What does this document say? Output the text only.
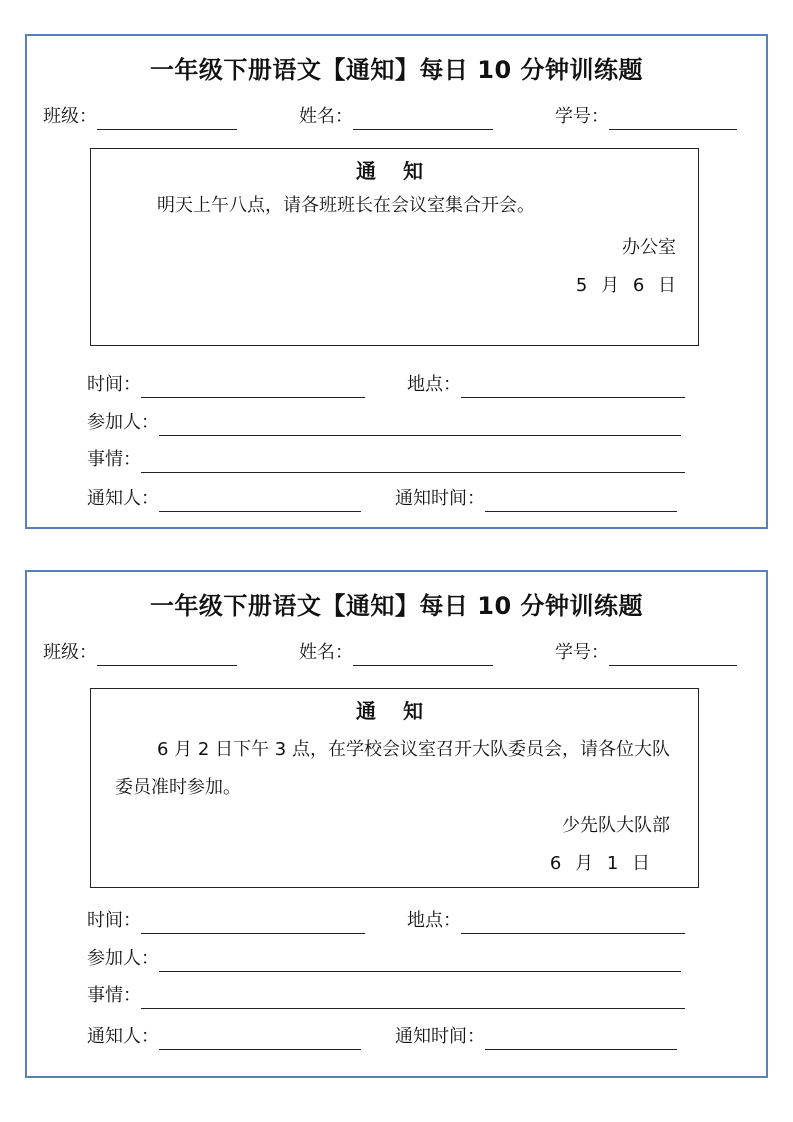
一年级下册语文【通知】每日 10 分钟训练题
班级：	姓名：	学号：
通 知
明天上午八点，请各班班长在会议室集合开会。
办公室
5 月 6 日
时间：	地点：
参加人：
事情：
通知人：	通知时间：
一年级下册语文【通知】每日 10 分钟训练题
班级：	姓名：	学号：
通 知
6 月 2 日下午 3 点，在学校会议室召开大队委员会，请各位大队委员准时参加。
少先队大队部
6 月 1 日
时间：	地点：
参加人：
事情：
通知人：	通知时间：
